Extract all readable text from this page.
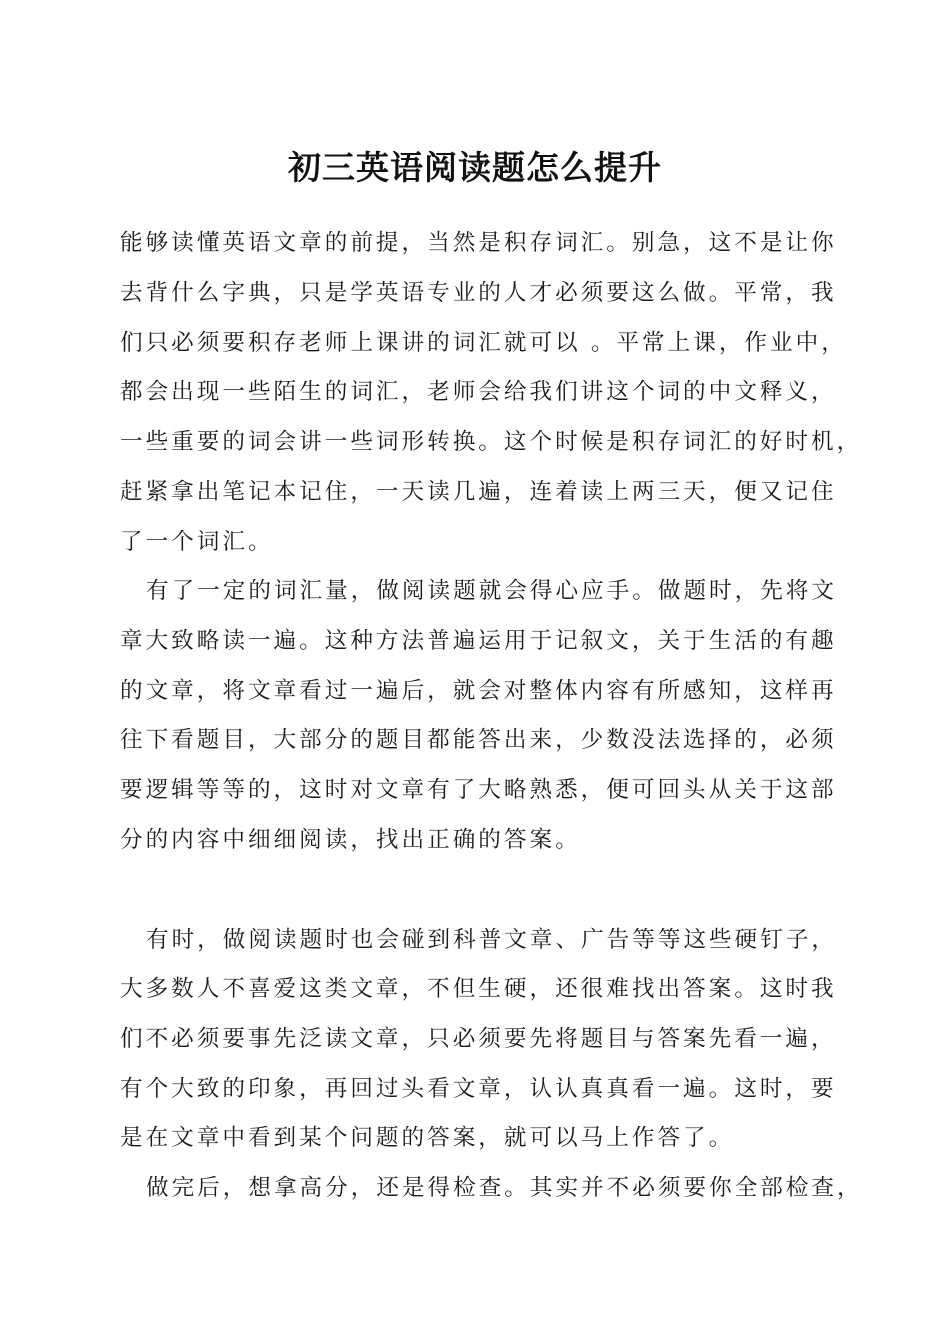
初三英语阅读题怎么提升
能够读懂英语文章的前提，当然是积存词汇。别急，这不是让你
去背什么字典，只是学英语专业的人才必须要这么做。平常，我
们只必须要积存老师上课讲的词汇就可以 。平常上课，作业中，
都会出现一些陌生的词汇，老师会给我们讲这个词的中文释义，
一些重要的词会讲一些词形转换。这个时候是积存词汇的好时机，
赶紧拿出笔记本记住，一天读几遍，连着读上两三天，便又记住
了一个词汇。
有了一定的词汇量，做阅读题就会得心应手。做题时，先将文
章大致略读一遍。这种方法普遍运用于记叙文，关于生活的有趣
的文章，将文章看过一遍后，就会对整体内容有所感知，这样再
往下看题目，大部分的题目都能答出来，少数没法选择的，必须
要逻辑等等的，这时对文章有了大略熟悉，便可回头从关于这部
分的内容中细细阅读，找出正确的答案。
有时，做阅读题时也会碰到科普文章、广告等等这些硬钉子，
大多数人不喜爱这类文章，不但生硬，还很难找出答案。这时我
们不必须要事先泛读文章，只必须要先将题目与答案先看一遍，
有个大致的印象，再回过头看文章，认认真真看一遍。这时，要
是在文章中看到某个问题的答案，就可以马上作答了。
做完后，想拿高分，还是得检查。其实并不必须要你全部检查，
